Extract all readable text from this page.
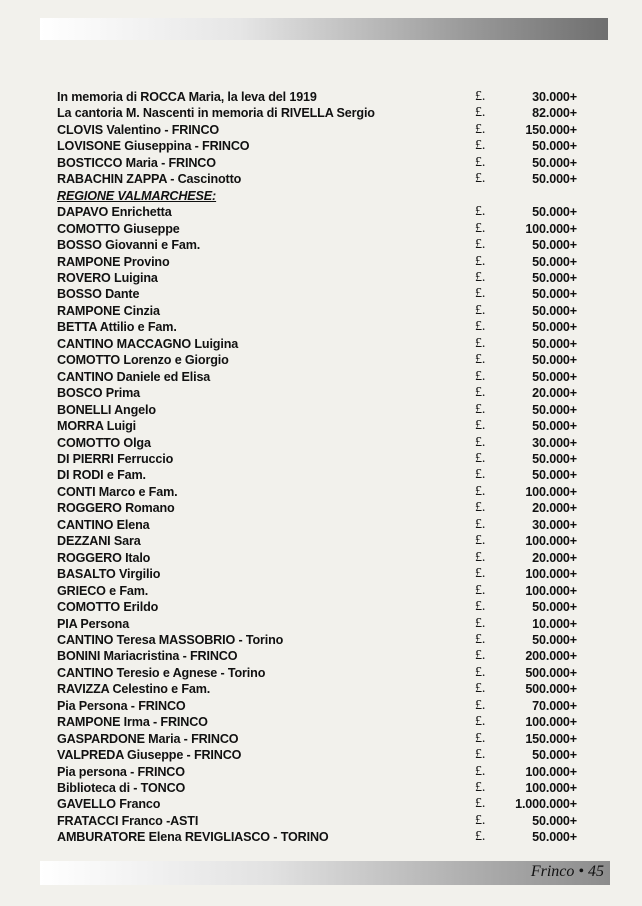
In memoria di ROCCA Maria, la leva del 1919	£.	30.000+
La cantoria M. Nascenti in memoria di RIVELLA Sergio	£.	82.000+
CLOVIS Valentino - FRINCO	£.	150.000+
LOVISONE Giuseppina - FRINCO	£.	50.000+
BOSTICCO Maria - FRINCO	£.	50.000+
RABACHIN ZAPPA - Cascinotto	£.	50.000+
REGIONE VALMARCHESE:
DAPAVO Enrichetta	£.	50.000+
COMOTTO Giuseppe	£.	100.000+
BOSSO Giovanni e Fam.	£.	50.000+
RAMPONE Provino	£.	50.000+
ROVERO Luigina	£.	50.000+
BOSSO Dante	£.	50.000+
RAMPONE Cinzia	£.	50.000+
BETTA Attilio e Fam.	£.	50.000+
CANTINO MACCAGNO Luigina	£.	50.000+
COMOTTO Lorenzo e Giorgio	£.	50.000+
CANTINO Daniele ed Elisa	£.	50.000+
BOSCO Prima	£.	20.000+
BONELLI Angelo	£.	50.000+
MORRA Luigi	£.	50.000+
COMOTTO Olga	£.	30.000+
DI PIERRI Ferruccio	£.	50.000+
DI RODI e Fam.	£.	50.000+
CONTI Marco e Fam.	£.	100.000+
ROGGERO Romano	£.	20.000+
CANTINO Elena	£.	30.000+
DEZZANI Sara	£.	100.000+
ROGGERO Italo	£.	20.000+
BASALTO Virgilio	£.	100.000+
GRIECO e Fam.	£.	100.000+
COMOTTO Erildo	£.	50.000+
PIA Persona	£.	10.000+
CANTINO Teresa MASSOBRIO - Torino	£.	50.000+
BONINI Mariacristina - FRINCO	£.	200.000+
CANTINO Teresio e Agnese - Torino	£.	500.000+
RAVIZZA Celestino e Fam.	£.	500.000+
Pia Persona - FRINCO	£.	70.000+
RAMPONE Irma - FRINCO	£.	100.000+
GASPARDONE Maria - FRINCO	£.	150.000+
VALPREDA Giuseppe - FRINCO	£.	50.000+
Pia persona - FRINCO	£.	100.000+
Biblioteca di - TONCO	£.	100.000+
GAVELLO Franco	£. 1.000.000+
FRATACCI Franco -ASTI	£.	50.000+
AMBURATORE Elena REVIGLIASCO - TORINO	£.	50.000+
Frinco • 45
